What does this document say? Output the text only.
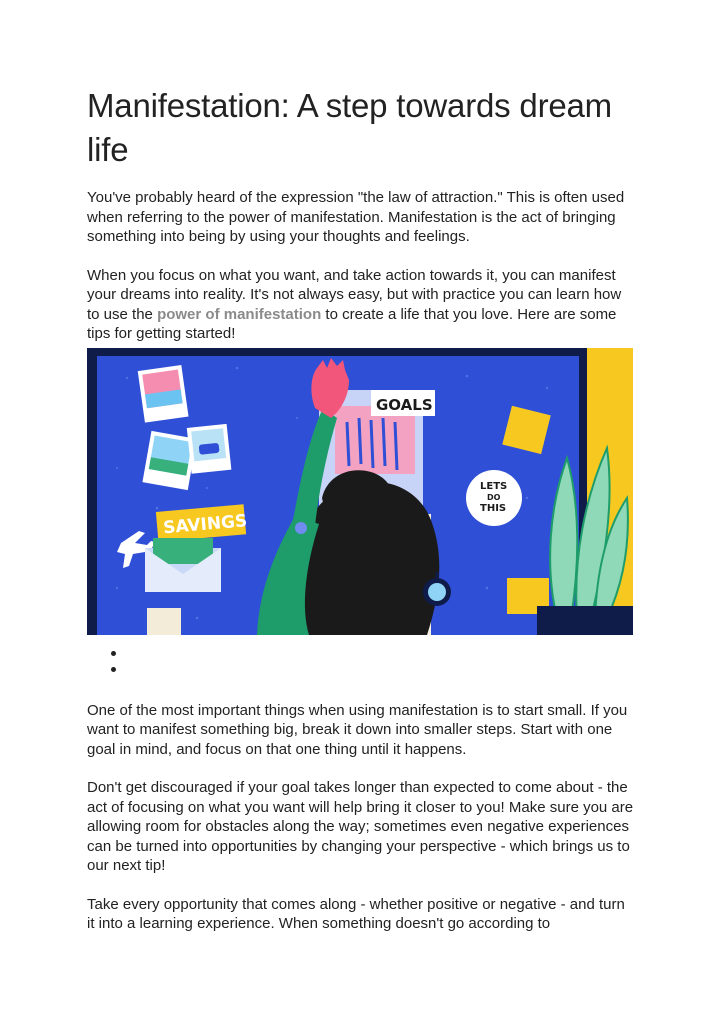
Manifestation: A step towards dream life

You've probably heard of the expression "the law of attraction." This is often used when referring to the power of manifestation. Manifestation is the act of bringing something into being by using your thoughts and feelings.

When you focus on what you want, and take action towards it, you can manifest your dreams into reality. It's not always easy, but with practice you can learn how to use the power of manifestation to create a life that you love. Here are some tips for getting started!

SAVINGS
GOALS
LETS
DO
THIS

One of the most important things when using manifestation is to start small. If you want to manifest something big, break it down into smaller steps. Start with one goal in mind, and focus on that one thing until it happens.

Don't get discouraged if your goal takes longer than expected to come about - the act of focusing on what you want will help bring it closer to you! Make sure you are allowing room for obstacles along the way; sometimes even negative experiences can be turned into opportunities by changing your perspective - which brings us to our next tip!

Take every opportunity that comes along - whether positive or negative - and turn it into a learning experience. When something doesn't go according to
